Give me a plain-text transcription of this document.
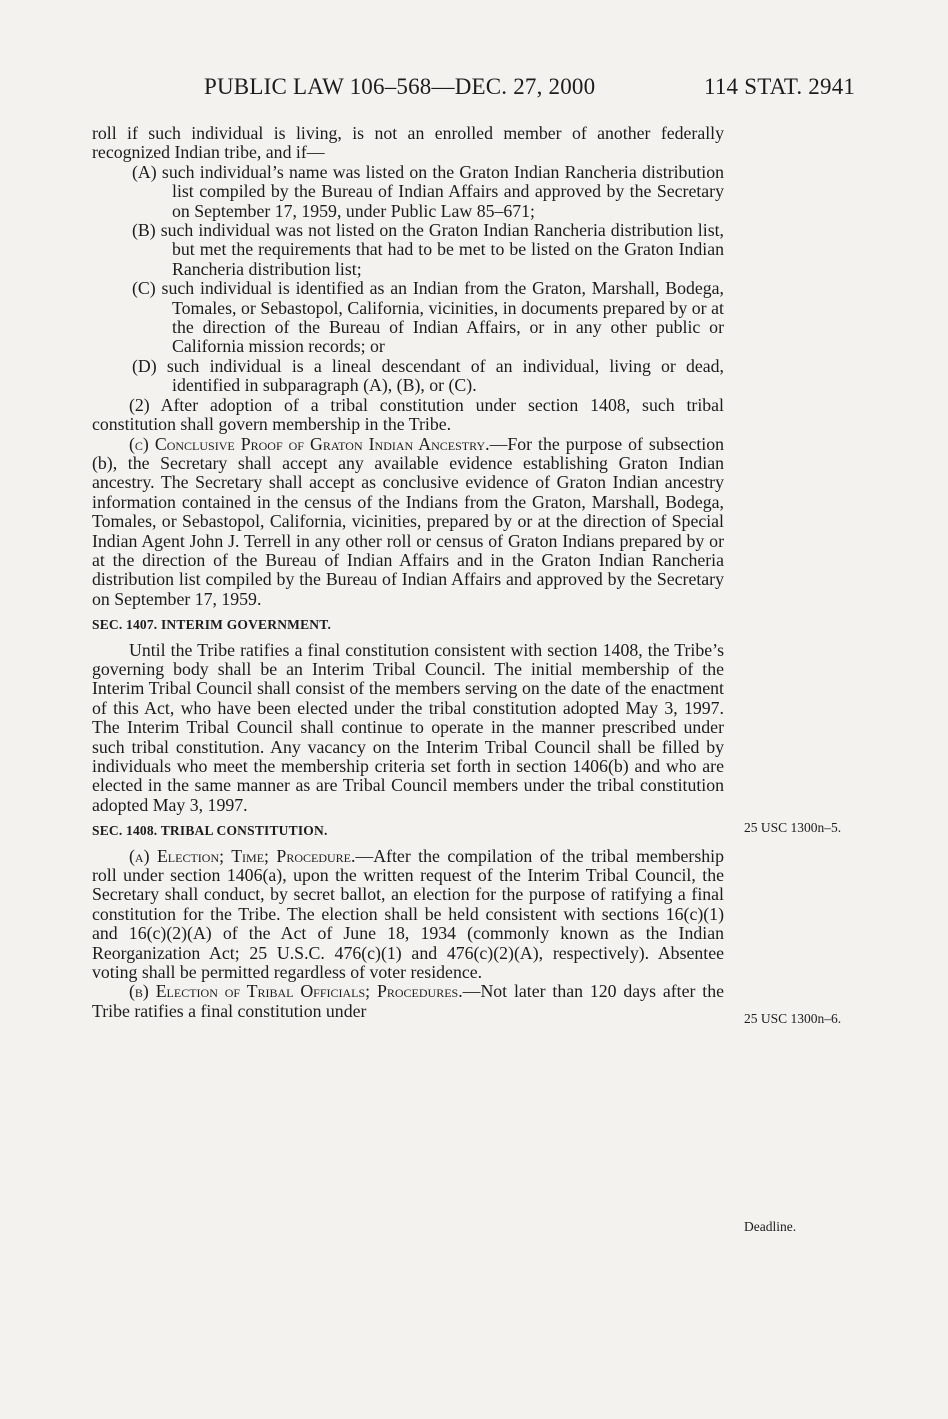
PUBLIC LAW 106–568—DEC. 27, 2000	114 STAT. 2941

roll if such individual is living, is not an enrolled member of another federally recognized Indian tribe, and if—

(A) such individual’s name was listed on the Graton Indian Rancheria distribution list compiled by the Bureau of Indian Affairs and approved by the Secretary on September 17, 1959, under Public Law 85–671;

(B) such individual was not listed on the Graton Indian Rancheria distribution list, but met the requirements that had to be met to be listed on the Graton Indian Rancheria distribution list;

(C) such individual is identified as an Indian from the Graton, Marshall, Bodega, Tomales, or Sebastopol, California, vicinities, in documents prepared by or at the direction of the Bureau of Indian Affairs, or in any other public or California mission records; or

(D) such individual is a lineal descendant of an individual, living or dead, identified in subparagraph (A), (B), or (C).

(2) After adoption of a tribal constitution under section 1408, such tribal constitution shall govern membership in the Tribe.

(c) Conclusive Proof of Graton Indian Ancestry.—For the purpose of subsection (b), the Secretary shall accept any available evidence establishing Graton Indian ancestry. The Secretary shall accept as conclusive evidence of Graton Indian ancestry information contained in the census of the Indians from the Graton, Marshall, Bodega, Tomales, or Sebastopol, California, vicinities, prepared by or at the direction of Special Indian Agent John J. Terrell in any other roll or census of Graton Indians prepared by or at the direction of the Bureau of Indian Affairs and in the Graton Indian Rancheria distribution list compiled by the Bureau of Indian Affairs and approved by the Secretary on September 17, 1959.

SEC. 1407. INTERIM GOVERNMENT.

Until the Tribe ratifies a final constitution consistent with section 1408, the Tribe’s governing body shall be an Interim Tribal Council. The initial membership of the Interim Tribal Council shall consist of the members serving on the date of the enactment of this Act, who have been elected under the tribal constitution adopted May 3, 1997. The Interim Tribal Council shall continue to operate in the manner prescribed under such tribal constitution. Any vacancy on the Interim Tribal Council shall be filled by individuals who meet the membership criteria set forth in section 1406(b) and who are elected in the same manner as are Tribal Council members under the tribal constitution adopted May 3, 1997.

SEC. 1408. TRIBAL CONSTITUTION.

(a) Election; Time; Procedure.—After the compilation of the tribal membership roll under section 1406(a), upon the written request of the Interim Tribal Council, the Secretary shall conduct, by secret ballot, an election for the purpose of ratifying a final constitution for the Tribe. The election shall be held consistent with sections 16(c)(1) and 16(c)(2)(A) of the Act of June 18, 1934 (commonly known as the Indian Reorganization Act; 25 U.S.C. 476(c)(1) and 476(c)(2)(A), respectively). Absentee voting shall be permitted regardless of voter residence.

(b) Election of Tribal Officials; Procedures.—Not later than 120 days after the Tribe ratifies a final constitution under

25 USC 1300n–5.
25 USC 1300n–6.
Deadline.
